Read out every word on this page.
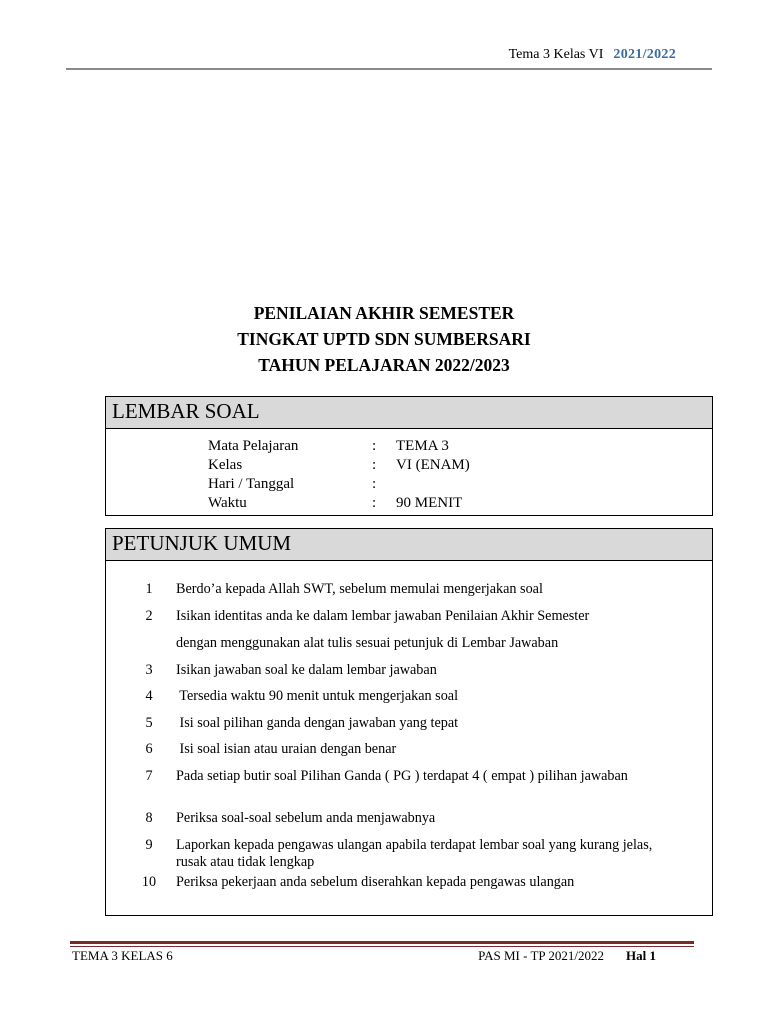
Tema 3 Kelas VI 2021/2022
PENILAIAN AKHIR SEMESTER
TINGKAT UPTD SDN SUMBERSARI
TAHUN PELAJARAN 2022/2023
LEMBAR SOAL
Mata Pelajaran	:	TEMA 3
Kelas	:	VI (ENAM)
Hari / Tanggal	:
Waktu	:	90 MENIT
PETUNJUK UMUM
1	Berdo’a kepada Allah SWT, sebelum memulai mengerjakan soal
2	Isikan identitas anda ke dalam lembar jawaban Penilaian Akhir Semester
dengan menggunakan alat tulis sesuai petunjuk di Lembar Jawaban
3	Isikan jawaban soal ke dalam lembar jawaban
4	Tersedia waktu 90 menit untuk mengerjakan soal
5	Isi soal pilihan ganda dengan jawaban yang tepat
6	Isi soal isian atau uraian dengan benar
7	Pada setiap butir soal Pilihan Ganda ( PG ) terdapat 4 ( empat ) pilihan jawaban
8	Periksa soal-soal sebelum anda menjawabnya
9	Laporkan kepada pengawas ulangan apabila terdapat lembar soal yang kurang jelas, rusak atau tidak lengkap
10 Periksa pekerjaan anda sebelum diserahkan kepada pengawas ulangan
TEMA 3 KELAS 6	PAS MI - TP 2021/2022 Hal 1
